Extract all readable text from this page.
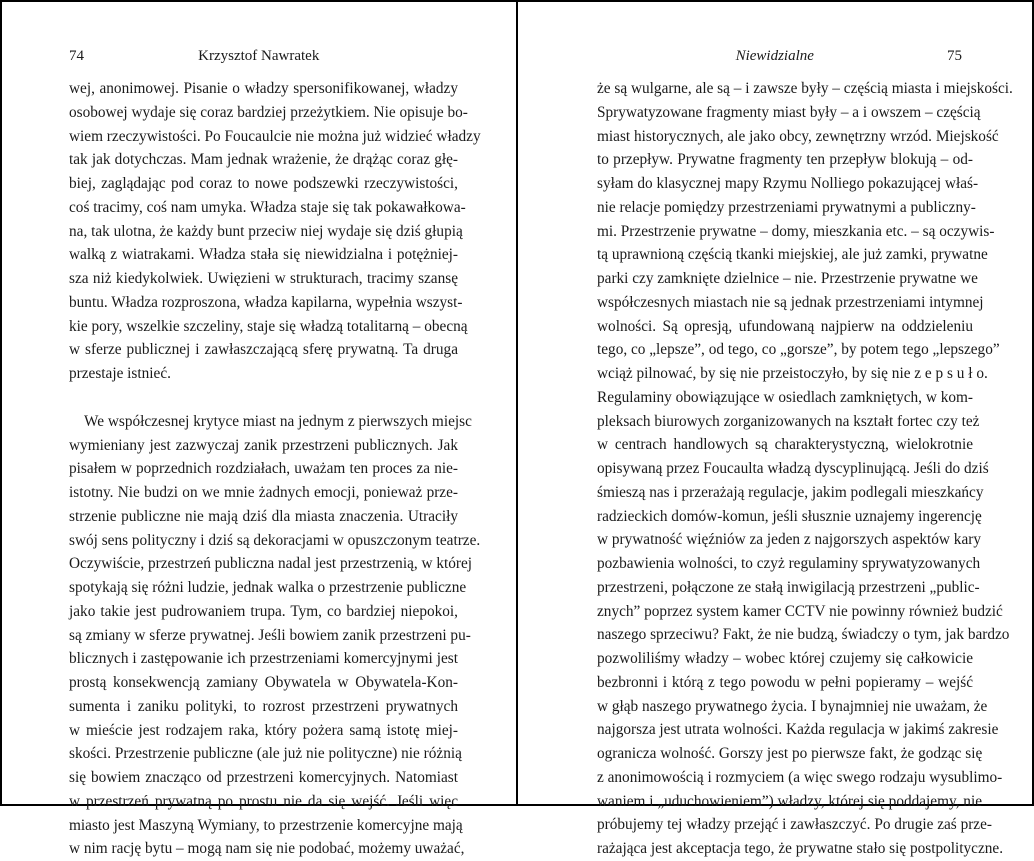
74	Krzysztof Nawratek
wej, anonimowej. Pisanie o władzy spersonifikowanej, władzy
osobowej wydaje się coraz bardziej przeżytkiem. Nie opisuje bo-
wiem rzeczywistości. Po Foucaulcie nie można już widzieć władzy
tak jak dotychczas. Mam jednak wrażenie, że drążąc coraz głę-
biej, zaglądając pod coraz to nowe podszewki rzeczywistości,
coś tracimy, coś nam umyka. Władza staje się tak pokawałkowa-
na, tak ulotna, że każdy bunt przeciw niej wydaje się dziś głupią
walką z wiatrakami. Władza stała się niewidzialna i potężniej-
sza niż kiedykolwiek. Uwięzieni w strukturach, tracimy szansę
buntu. Władza rozproszona, władza kapilarna, wypełnia wszyst-
kie pory, wszelkie szczeliny, staje się władzą totalitarną – obecną
w sferze publicznej i zawłaszczającą sferę prywatną. Ta druga
przestaje istnieć.
We współczesnej krytyce miast na jednym z pierwszych miejsc
wymieniany jest zazwyczaj zanik przestrzeni publicznych. Jak
pisałem w poprzednich rozdziałach, uważam ten proces za nie-
istotny. Nie budzi on we mnie żadnych emocji, ponieważ prze-
strzenie publiczne nie mają dziś dla miasta znaczenia. Utraciły
swój sens polityczny i dziś są dekoracjami w opuszczonym teatrze.
Oczywiście, przestrzeń publiczna nadal jest przestrzenią, w której
spotykają się różni ludzie, jednak walka o przestrzenie publiczne
jako takie jest pudrowaniem trupa. Tym, co bardziej niepokoi,
są zmiany w sferze prywatnej. Jeśli bowiem zanik przestrzeni pu-
blicznych i zastępowanie ich przestrzeniami komercyjnymi jest
prostą konsekwencją zamiany Obywatela w Obywatela-Kon-
sumenta i zaniku polityki, to rozrost przestrzeni prywatnych
w mieście jest rodzajem raka, który pożera samą istotę miej-
skości. Przestrzenie publiczne (ale już nie polityczne) nie różnią
się bowiem znacząco od przestrzeni komercyjnych. Natomiast
w przestrzeń prywatną po prostu nie da się wejść. Jeśli więc
miasto jest Maszyną Wymiany, to przestrzenie komercyjne mają
w nim rację bytu – mogą nam się nie podobać, możemy uważać,
Niewidzialne	75
że są wulgarne, ale są – i zawsze były – częścią miasta i miejskości.
Sprywatyzowane fragmenty miast były – a i owszem – częścią
miast historycznych, ale jako obcy, zewnętrzny wrzód. Miejskość
to przepływ. Prywatne fragmenty ten przepływ blokują – od-
syłam do klasycznej mapy Rzymu Nolliego pokazującej właś-
nie relacje pomiędzy przestrzeniami prywatnymi a publiczny-
mi. Przestrzenie prywatne – domy, mieszkania etc. – są oczywis-
tą uprawnioną częścią tkanki miejskiej, ale już zamki, prywatne
parki czy zamknięte dzielnice – nie. Przestrzenie prywatne we
współczesnych miastach nie są jednak przestrzeniami intymnej
wolności. Są opresją, ufundowaną najpierw na oddzieleniu
tego, co „lepsze”, od tego, co „gorsze”, by potem tego „lepszego”
wciąż pilnować, by się nie przeistoczyło, by się nie z e p s u ł o.
Regulaminy obowiązujące w osiedlach zamkniętych, w kom-
pleksach biurowych zorganizowanych na kształt fortec czy też
w centrach handlowych są charakterystyczną, wielokrotnie
opisywaną przez Foucaulta władzą dyscyplinującą. Jeśli do dziś
śmieszą nas i przerażają regulacje, jakim podlegali mieszkańcy
radzieckich domów-komun, jeśli słusznie uznajemy ingerencję
w prywatność więźniów za jeden z najgorszych aspektów kary
pozbawienia wolności, to czyż regulaminy sprywatyzowanych
przestrzeni, połączone ze stałą inwigilacją przestrzeni „public-
znych” poprzez system kamer CCTV nie powinny również budzić
naszego sprzeciwu? Fakt, że nie budzą, świadczy o tym, jak bardzo
pozwoliliśmy władzy – wobec której czujemy się całkowicie
bezbronni i którą z tego powodu w pełni popieramy – wejść
w głąb naszego prywatnego życia. I bynajmniej nie uważam, że
najgorsza jest utrata wolności. Każda regulacja w jakimś zakresie
ogranicza wolność. Gorszy jest po pierwsze fakt, że godząc się
z anonimowością i rozmyciem (a więc swego rodzaju wysublimo-
waniem i „uduchowieniem”) władzy, której się poddajemy, nie
próbujemy tej władzy przejąć i zawłaszczyć. Po drugie zaś prze-
rażająca jest akceptacja tego, że prywatne stało się postpolityczne.
